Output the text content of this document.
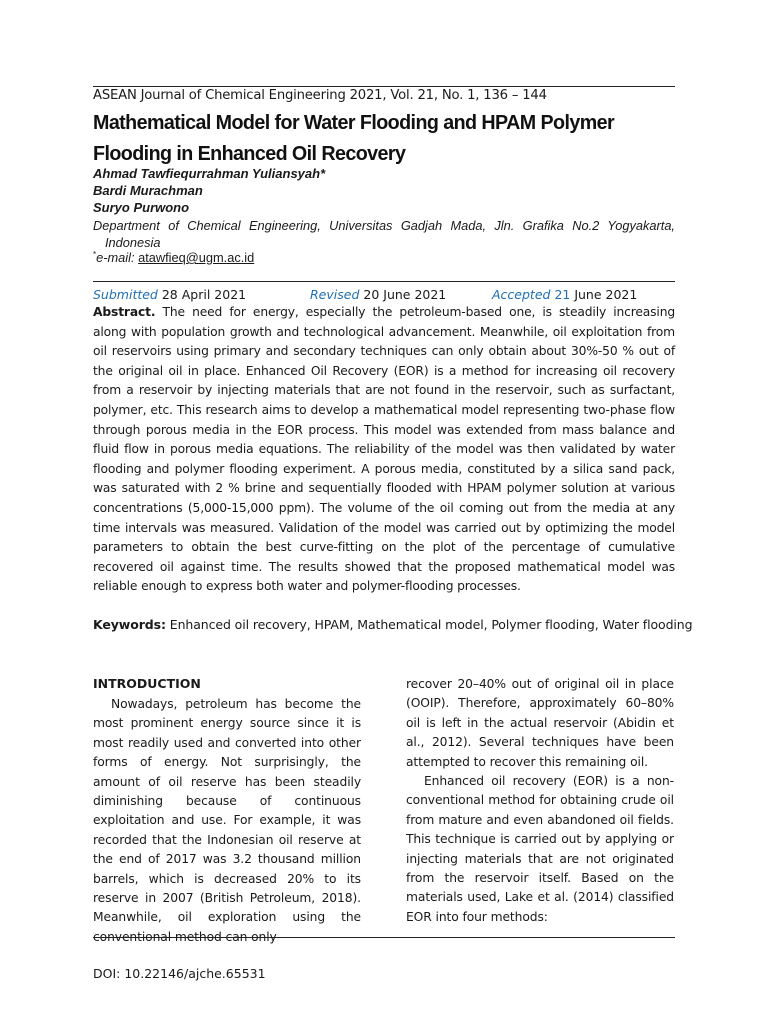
ASEAN Journal of Chemical Engineering 2021, Vol. 21, No. 1, 136 – 144
Mathematical Model for Water Flooding and HPAM Polymer Flooding in Enhanced Oil Recovery
Ahmad Tawfiequrrahman Yuliansyah*
Bardi Murachman
Suryo Purwono
Department of Chemical Engineering, Universitas Gadjah Mada, Jln. Grafika No.2 Yogyakarta,
Indonesia
*e-mail: atawfieq@ugm.ac.id
Submitted 28 April 2021	Revised 20 June 2021	Accepted 21 June 2021

Abstract. The need for energy, especially the petroleum-based one, is steadily increasing along with population growth and technological advancement. Meanwhile, oil exploitation from oil reservoirs using primary and secondary techniques can only obtain about 30%-50 % out of the original oil in place. Enhanced Oil Recovery (EOR) is a method for increasing oil recovery from a reservoir by injecting materials that are not found in the reservoir, such as surfactant, polymer, etc. This research aims to develop a mathematical model representing two-phase flow through porous media in the EOR process. This model was extended from mass balance and fluid flow in porous media equations. The reliability of the model was then validated by water flooding and polymer flooding experiment. A porous media, constituted by a silica sand pack, was saturated with 2 % brine and sequentially flooded with HPAM polymer solution at various concentrations (5,000-15,000 ppm). The volume of the oil coming out from the media at any time intervals was measured. Validation of the model was carried out by optimizing the model parameters to obtain the best curve-fitting on the plot of the percentage of cumulative recovered oil against time. The results showed that the proposed mathematical model was reliable enough to express both water and polymer-flooding processes.

Keywords: Enhanced oil recovery, HPAM, Mathematical model, Polymer flooding, Water flooding

INTRODUCTION

Nowadays, petroleum has become the most prominent energy source since it is most readily used and converted into other forms of energy. Not surprisingly, the amount of oil reserve has been steadily diminishing because of continuous exploitation and use. For example, it was recorded that the Indonesian oil reserve at the end of 2017 was 3.2 thousand million barrels, which is decreased 20% to its reserve in 2007 (British Petroleum, 2018). Meanwhile, oil exploration using the conventional method can only

recover 20–40% out of original oil in place (OOIP). Therefore, approximately 60–80% oil is left in the actual reservoir (Abidin et al., 2012). Several techniques have been attempted to recover this remaining oil.

Enhanced oil recovery (EOR) is a non-conventional method for obtaining crude oil from mature and even abandoned oil fields. This technique is carried out by applying or injecting materials that are not originated from the reservoir itself. Based on the materials used, Lake et al. (2014) classified EOR into four methods:

DOI: 10.22146/ajche.65531
